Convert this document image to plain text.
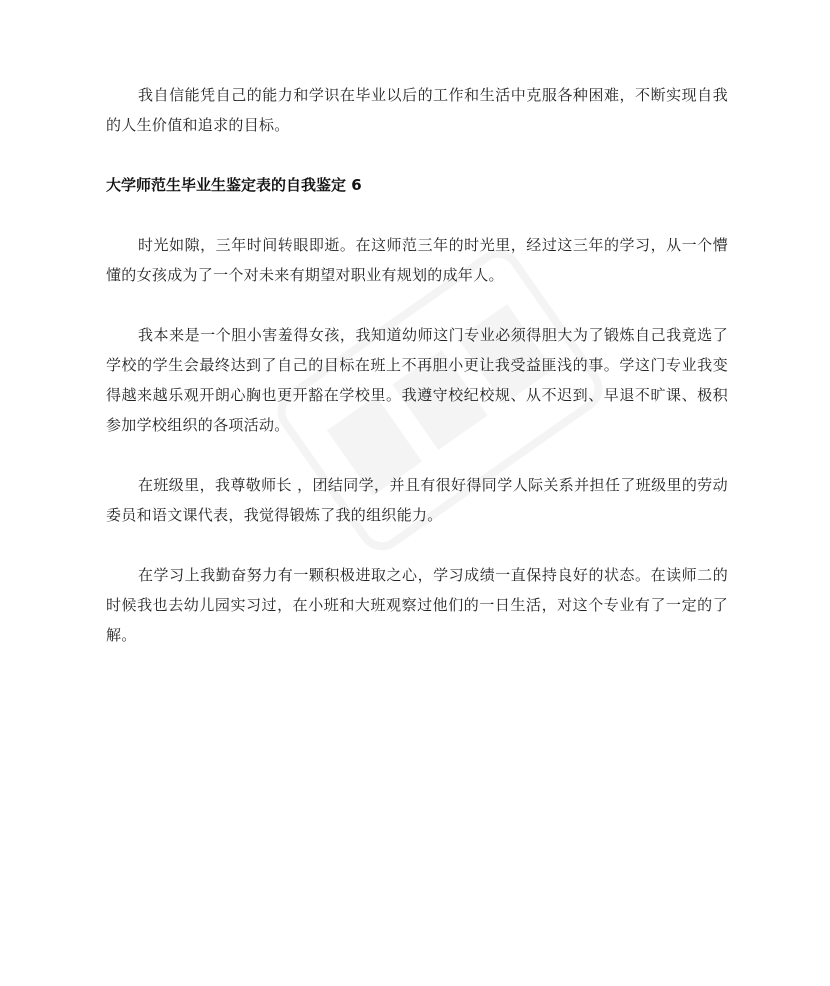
我自信能凭自己的能力和学识在毕业以后的工作和生活中克服各种困难，不断实现自我的人生价值和追求的目标。

大学师范生毕业生鉴定表的自我鉴定 6

时光如隙，三年时间转眼即逝。在这师范三年的时光里，经过这三年的学习，从一个懵懂的女孩成为了一个对未来有期望对职业有规划的成年人。

我本来是一个胆小害羞得女孩，我知道幼师这门专业必须得胆大为了锻炼自己我竟选了学校的学生会最终达到了自己的目标在班上不再胆小更让我受益匪浅的事。学这门专业我变得越来越乐观开朗心胸也更开豁在学校里。我遵守校纪校规、从不迟到、早退不旷课、极积参加学校组织的各项活动。

在班级里，我尊敬师长 ，团结同学，并且有很好得同学人际关系并担任了班级里的劳动委员和语文课代表，我觉得锻炼了我的组织能力。

在学习上我勤奋努力有一颗积极进取之心，学习成绩一直保持良好的状态。在读师二的时候我也去幼儿园实习过，在小班和大班观察过他们的一日生活，对这个专业有了一定的了解。
